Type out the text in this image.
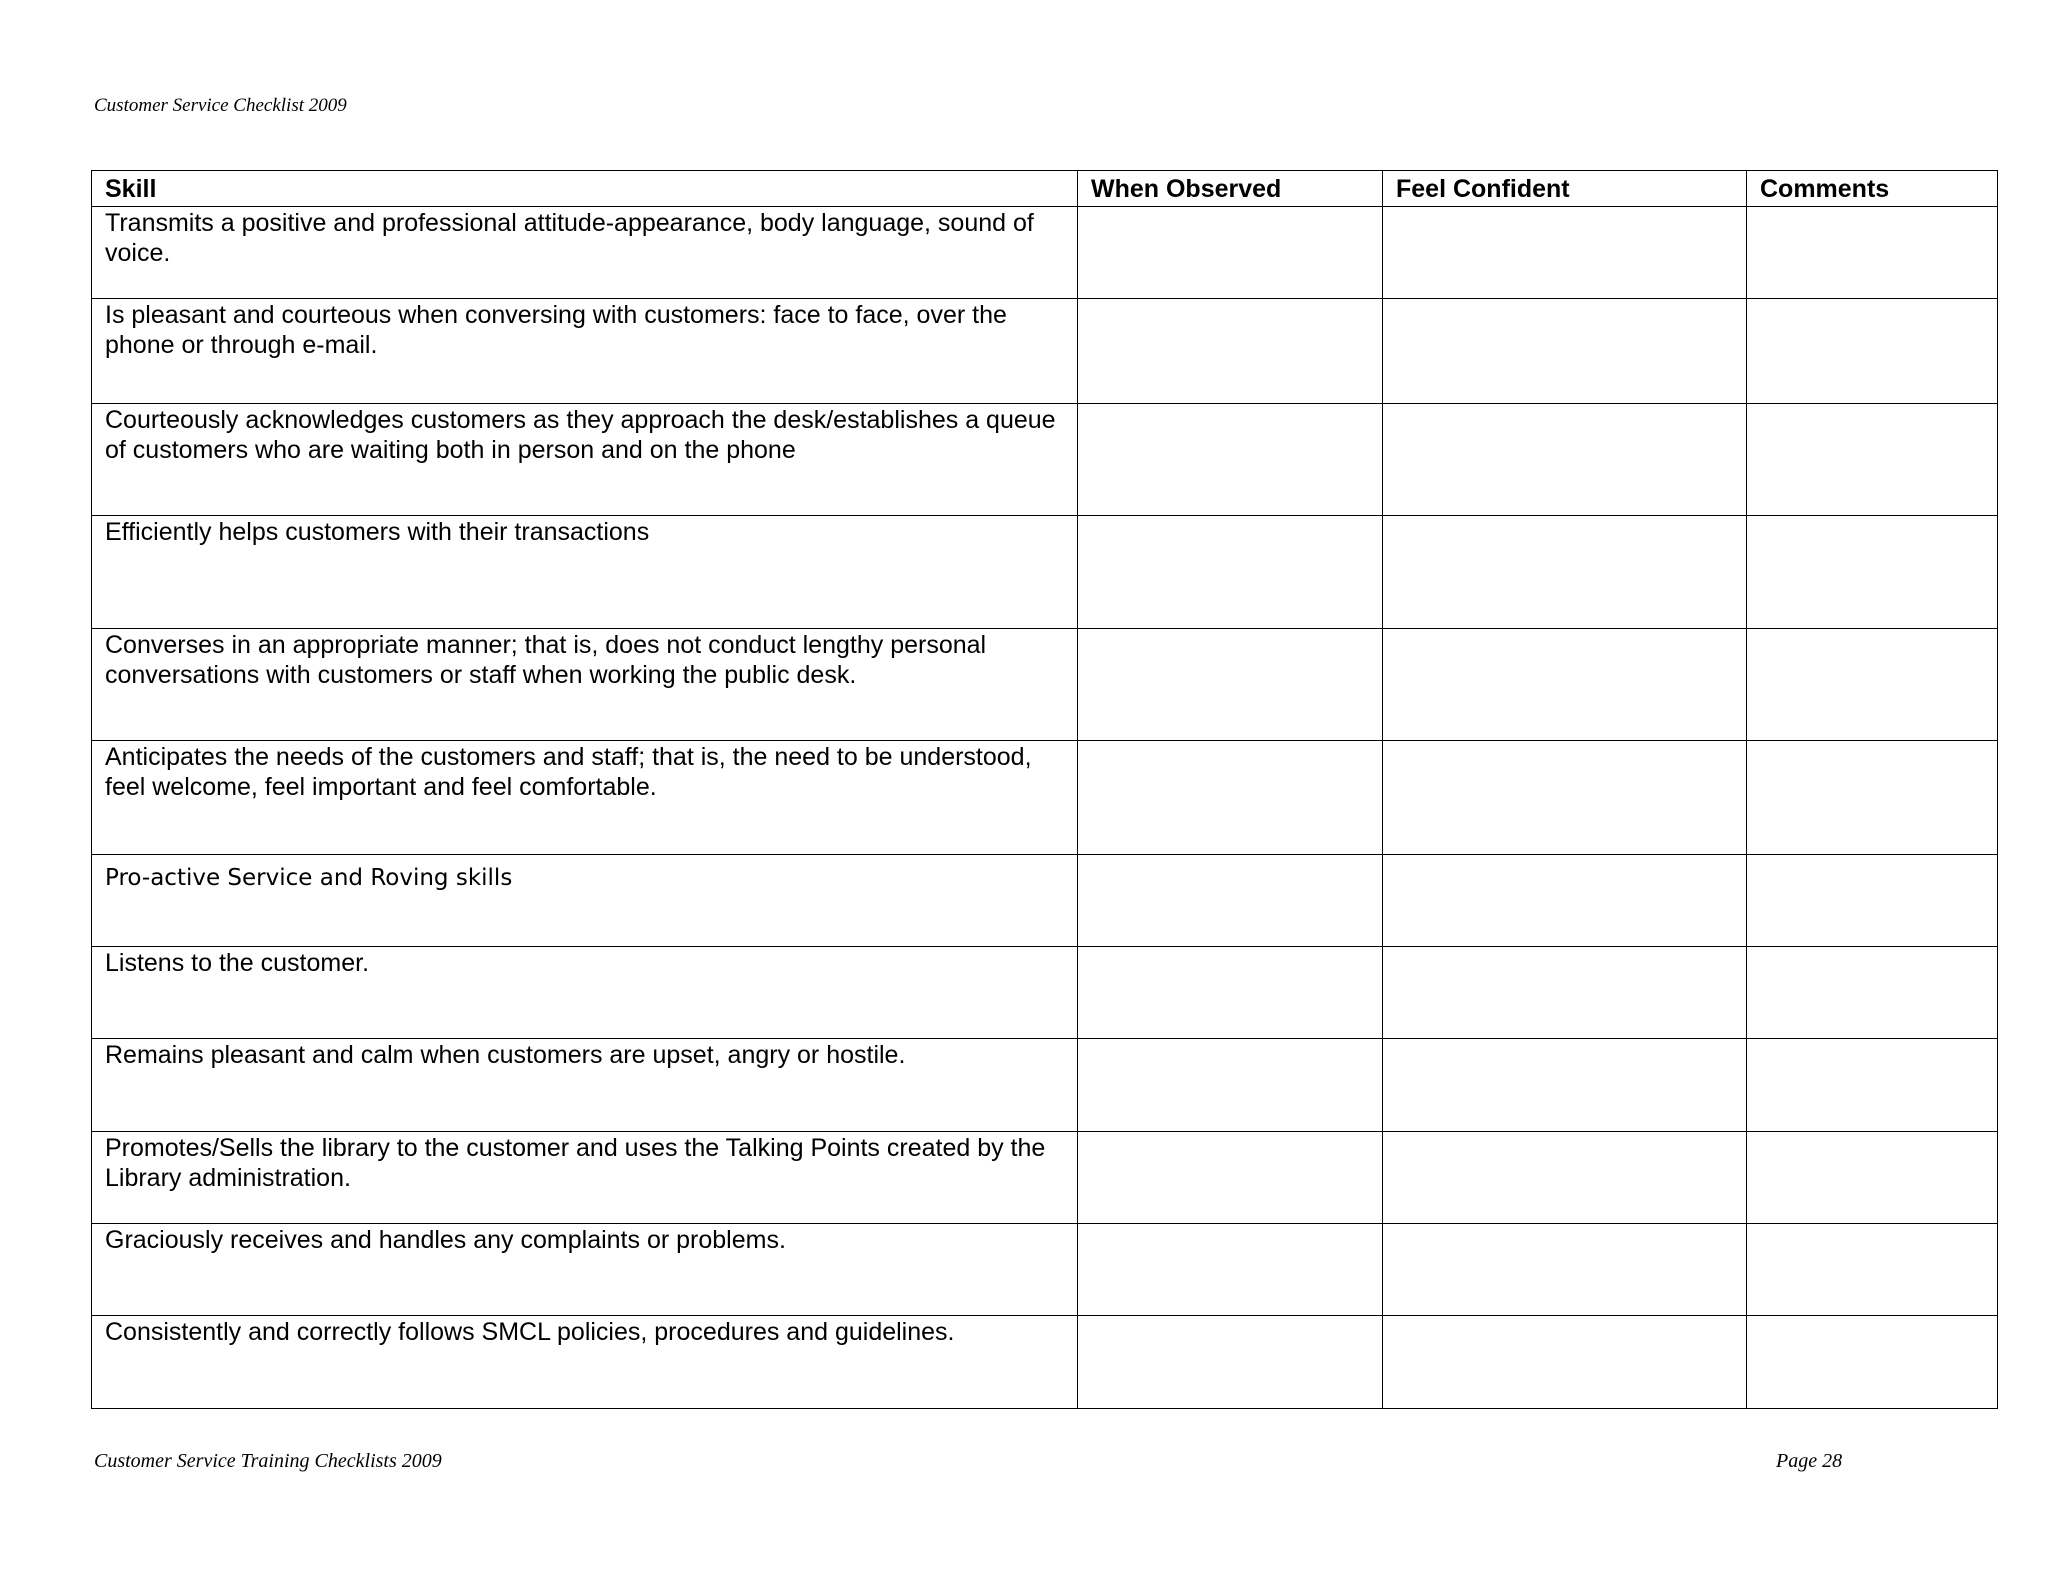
Customer Service Checklist 2009
Skill	When Observed	Feel Confident	Comments
Transmits a positive and professional attitude-appearance, body language, sound of voice.			
Is pleasant and courteous when conversing with customers: face to face, over the phone or through e-mail.			
Courteously acknowledges customers as they approach the desk/establishes a queue of customers who are waiting both in person and on the phone			
Efficiently helps customers with their transactions			
Converses in an appropriate manner; that is, does not conduct lengthy personal conversations with customers or staff when working the public desk.			
Anticipates the needs of the customers and staff; that is, the need to be understood, feel welcome, feel important and feel comfortable.			
Pro-active Service and Roving skills			
Listens to the customer.			
Remains pleasant and calm when customers are upset, angry or hostile.			
Promotes/Sells the library to the customer and uses the Talking Points created by the Library administration.			
Graciously receives and handles any complaints or problems.			
Consistently and correctly follows SMCL policies, procedures and guidelines.			
Customer Service Training Checklists 2009	Page 28
